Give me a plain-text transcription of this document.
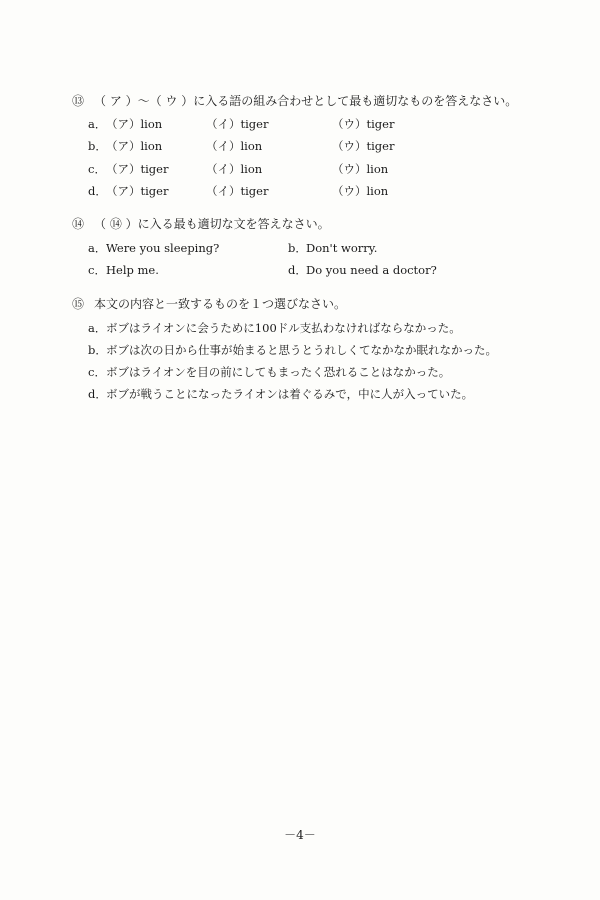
⑬ （ ア ）～（ ウ ）に入る語の組み合わせとして最も適切なものを答えなさい。
a． （ア）lion	（イ）tiger	（ウ）tiger
b． （ア）lion	（イ）lion	（ウ）tiger
c． （ア）tiger	（イ）lion	（ウ）lion
d． （ア）tiger	（イ）tiger	（ウ）lion
⑭ （ ⑭ ）に入る最も適切な文を答えなさい。
a． Were you sleeping?	b． Don't worry.
c． Help me.	d． Do you need a doctor?
⑮ 本文の内容と一致するものを１つ選びなさい。
a． ボブはライオンに会うために100ドル支払わなければならなかった。
b． ボブは次の日から仕事が始まると思うとうれしくてなかなか眠れなかった。
c． ボブはライオンを目の前にしてもまったく恐れることはなかった。
d． ボブが戦うことになったライオンは着ぐるみで，中に人が入っていた。
－4－
